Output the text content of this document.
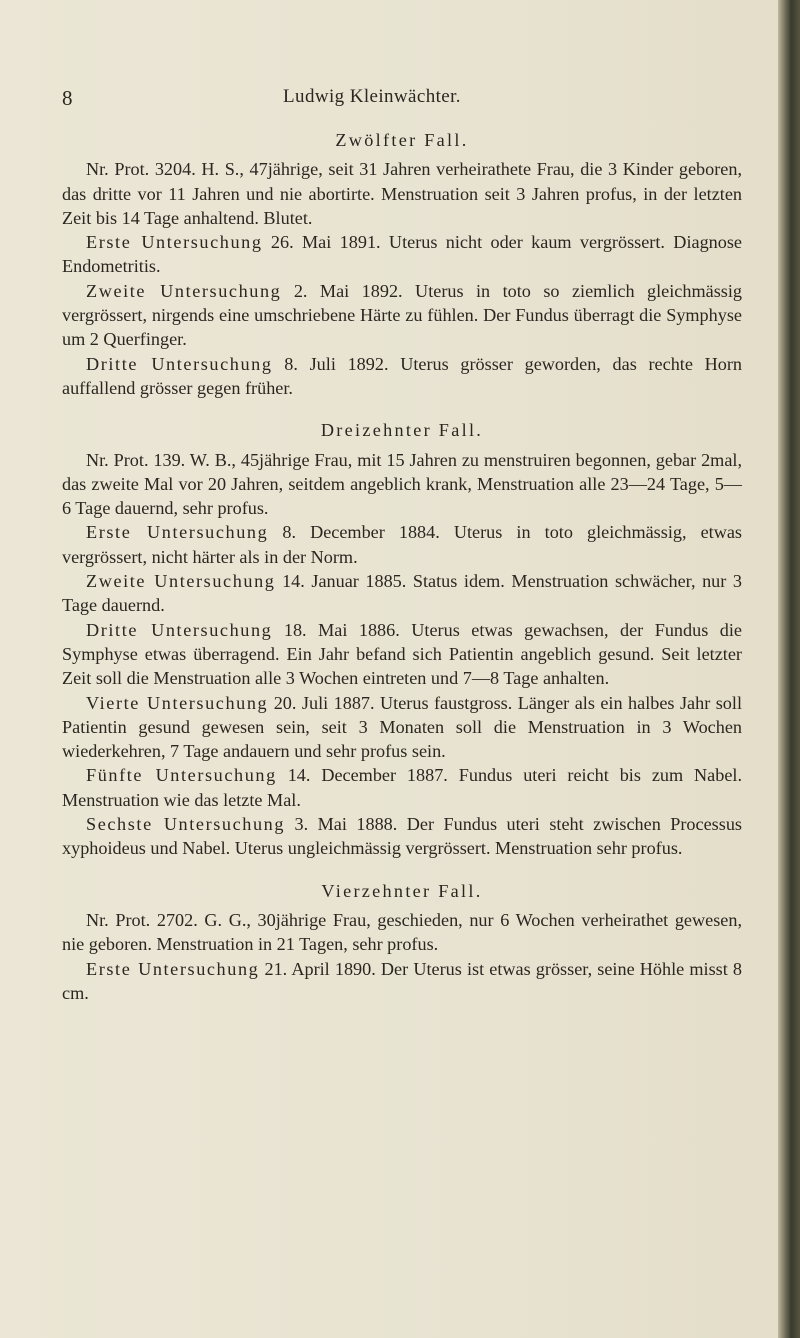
8	Ludwig Kleinwächter.
Zwölfter Fall.

Nr. Prot. 3204. H. S., 47jährige, seit 31 Jahren verheirathete Frau, die 3 Kinder geboren, das dritte vor 11 Jahren und nie abortirte. Menstruation seit 3 Jahren profus, in der letzten Zeit bis 14 Tage anhaltend. Blutet.

Erste Untersuchung 26. Mai 1891. Uterus nicht oder kaum vergrössert. Diagnose Endometritis.

Zweite Untersuchung 2. Mai 1892. Uterus in toto so ziemlich gleichmässig vergrössert, nirgends eine umschriebene Härte zu fühlen. Der Fundus überragt die Symphyse um 2 Querfinger.

Dritte Untersuchung 8. Juli 1892. Uterus grösser geworden, das rechte Horn auffallend grösser gegen früher.

Dreizehnter Fall.

Nr. Prot. 139. W. B., 45jährige Frau, mit 15 Jahren zu menstruiren begonnen, gebar 2mal, das zweite Mal vor 20 Jahren, seitdem angeblich krank, Menstruation alle 23—24 Tage, 5—6 Tage dauernd, sehr profus.

Erste Untersuchung 8. December 1884. Uterus in toto gleichmässig, etwas vergrössert, nicht härter als in der Norm.

Zweite Untersuchung 14. Januar 1885. Status idem. Menstruation schwächer, nur 3 Tage dauernd.

Dritte Untersuchung 18. Mai 1886. Uterus etwas gewachsen, der Fundus die Symphyse etwas überragend. Ein Jahr befand sich Patientin angeblich gesund. Seit letzter Zeit soll die Menstruation alle 3 Wochen eintreten und 7—8 Tage anhalten.

Vierte Untersuchung 20. Juli 1887. Uterus faustgross. Länger als ein halbes Jahr soll Patientin gesund gewesen sein, seit 3 Monaten soll die Menstruation in 3 Wochen wiederkehren, 7 Tage andauern und sehr profus sein.

Fünfte Untersuchung 14. December 1887. Fundus uteri reicht bis zum Nabel. Menstruation wie das letzte Mal.

Sechste Untersuchung 3. Mai 1888. Der Fundus uteri steht zwischen Processus xyphoideus und Nabel. Uterus ungleichmässig vergrössert. Menstruation sehr profus.

Vierzehnter Fall.

Nr. Prot. 2702. G. G., 30jährige Frau, geschieden, nur 6 Wochen verheirathet gewesen, nie geboren. Menstruation in 21 Tagen, sehr profus.

Erste Untersuchung 21. April 1890. Der Uterus ist etwas grösser, seine Höhle misst 8 cm.
